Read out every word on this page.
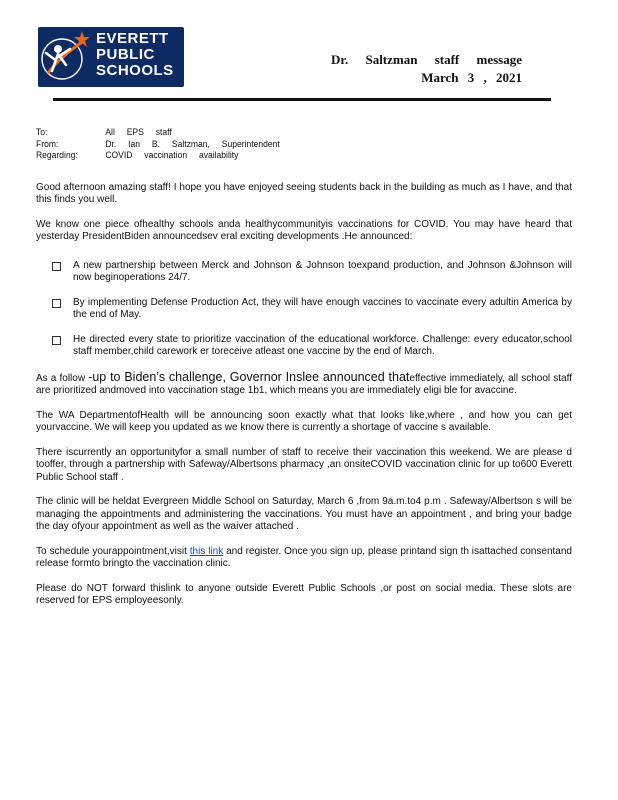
EVERETT
PUBLIC
SCHOOLS
Dr. Saltzman staff message
March 3 , 2021
To:	All EPS staff
From:	Dr. Ian B. Saltzman, Superintendent
Regarding:	COVID vaccination availability

Good afternoon amazing staff! I hope you have enjoyed seeing students back in the building as much as I have, and that this finds you well.

We know one piece ofhealthy schools anda healthycommunityis vaccinations for COVID. You may have heard that yesterday PresidentBiden announcedsev eral exciting developments .He announced:

A new partnership between Merck and Johnson & Johnson toexpand production, and Johnson &Johnson will now beginoperations 24/7.
By implementing Defense Production Act, they will have enough vaccines to vaccinate every adultin America by the end of May.
He directed every state to prioritize vaccination of the educational workforce. Challenge: every educator,school staff member,child carework er toreceive atleast one vaccine by the end of March.

As a follow -up to Biden’s challenge, Governor Inslee announced thateffective immediately, all school staff are prioritized andmoved into vaccination stage 1b1, which means you are immediately eligi ble for avaccine.

The WA DepartmentofHealth will be announcing soon exactly what that looks like,where , and how you can get yourvaccine. We will keep you updated as we know there is currently a shortage of vaccine s available.

There iscurrently an opportunityfor a small number of staff to receive their vaccination this weekend. We are please d tooffer, through a partnership with Safeway/Albertsons pharmacy ,an onsiteCOVID vaccination clinic for up to600 Everett Public School staff .

The clinic will be heldat Evergreen Middle School on Saturday, March 6 ,from 9a.m.to4 p.m . Safeway/Albertson s will be managing the appointments and administering the vaccinations. You must have an appointment , and bring your badge the day ofyour appointment as well as the waiver attached .

To schedule yourappointment,visit this link and register. Once you sign up, please printand sign th isattached consentand release formto bringto the vaccination clinic.

Please do NOT forward thislink to anyone outside Everett Public Schools ,or post on social media. These slots are reserved for EPS employeesonly.
